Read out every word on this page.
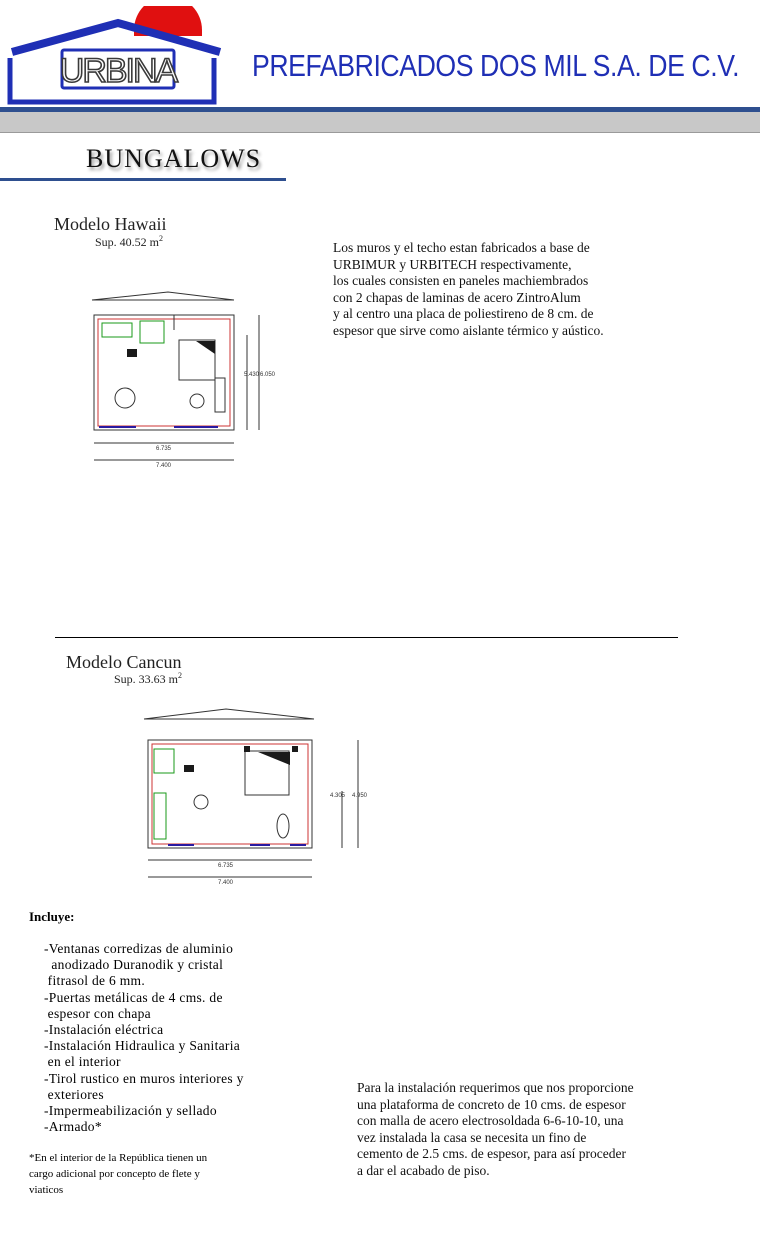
URBINA PREFABRICADOS DOS MIL S.A. DE C.V.
BUNGALOWS
Modelo Hawaii
Sup. 40.52 $m^2$
6.735
7.400
5.430 6.050
Los muros y el techo estan fabricados a base de
URBIMUR y URBITECH respectivamente,
los cuales consisten en paneles machiembrados
con 2 chapas de laminas de acero ZintroAlum
y al centro una placa de poliestireno de 8 cm. de
espesor que sirve como aislante térmico y aústico.
Modelo Cancun
Sup. 33.63 $m^2$
6.735
7.400
4.305 4.950
Incluye:
-Ventanas corredizas de aluminio
anodizado Duranodik y cristal
fitrasol de 6 mm.
-Puertas metálicas de 4 cms. de
espesor con chapa
-Instalación eléctrica
-Instalación Hidraulica y Sanitaria
en el interior
-Tirol rustico en muros interiores y
exteriores
-Impermeabilización y sellado
-Armado*
*En el interior de la República tienen un
cargo adicional por concepto de flete y
viaticos
Para la instalación requerimos que nos proporcione
una plataforma de concreto de 10 cms. de espesor
con malla de acero electrosoldada 6-6-10-10, una
vez instalada la casa se necesita un fino de
cemento de 2.5 cms. de espesor, para así proceder
a dar el acabado de piso.
